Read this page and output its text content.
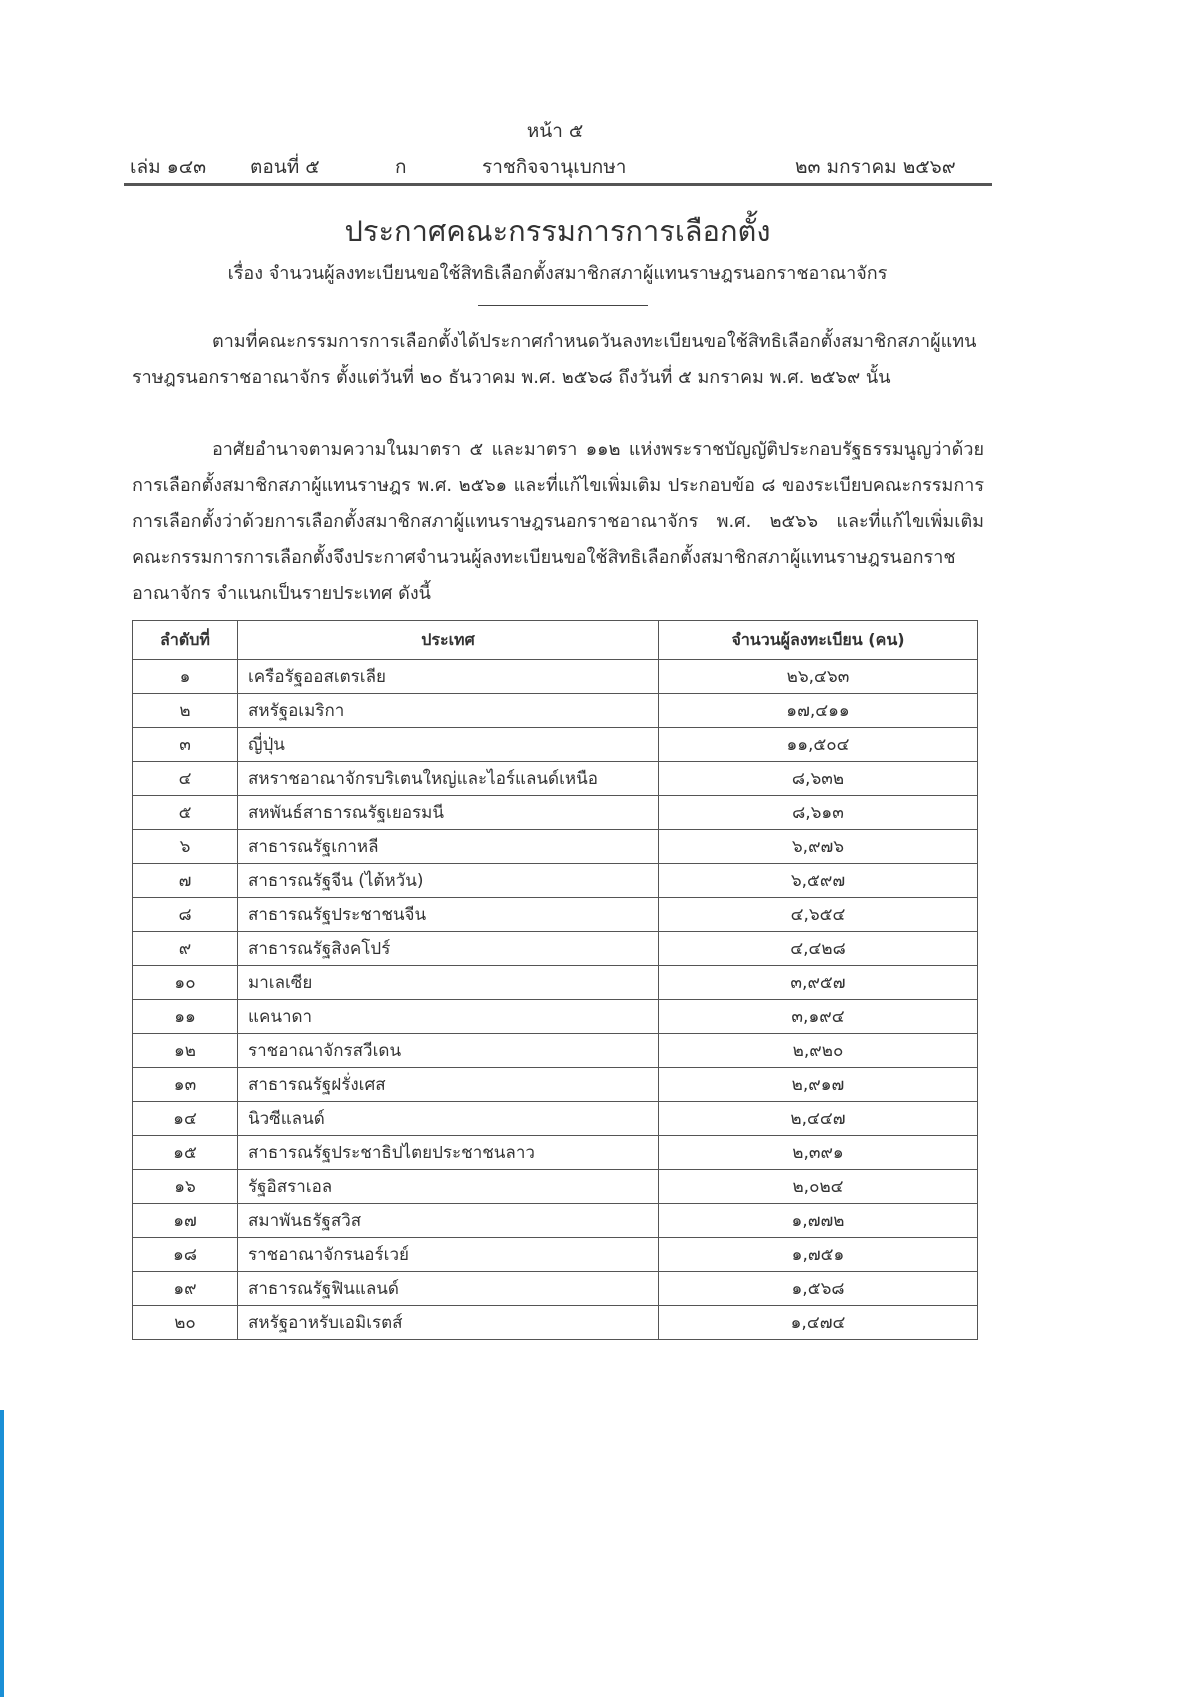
หน้า ๕
เล่ม ๑๔๓ ตอนที่ ๕	ก	ราชกิจจานุเบกษา	๒๓ มกราคม ๒๕๖๙
ประกาศคณะกรรมการการเลือกตั้ง
เรื่อง จำนวนผู้ลงทะเบียนขอใช้สิทธิเลือกตั้งสมาชิกสภาผู้แทนราษฎรนอกราชอาณาจักร
ตามที่คณะกรรมการการเลือกตั้งได้ประกาศกำหนดวันลงทะเบียนขอใช้สิทธิเลือกตั้งสมาชิกสภาผู้แทนราษฎรนอกราชอาณาจักร ตั้งแต่วันที่ ๒๐ ธันวาคม พ.ศ. ๒๕๖๘ ถึงวันที่ ๕ มกราคม พ.ศ. ๒๕๖๙ นั้น
อาศัยอำนาจตามความในมาตรา ๕ และมาตรา ๑๑๒ แห่งพระราชบัญญัติประกอบรัฐธรรมนูญว่าด้วยการเลือกตั้งสมาชิกสภาผู้แทนราษฎร พ.ศ. ๒๕๖๑ และที่แก้ไขเพิ่มเติม ประกอบข้อ ๘ ของระเบียบคณะกรรมการการเลือกตั้งว่าด้วยการเลือกตั้งสมาชิกสภาผู้แทนราษฎรนอกราชอาณาจักร พ.ศ. ๒๕๖๖ และที่แก้ไขเพิ่มเติม คณะกรรมการการเลือกตั้งจึงประกาศจำนวนผู้ลงทะเบียนขอใช้สิทธิเลือกตั้งสมาชิกสภาผู้แทนราษฎรนอกราชอาณาจักร จำแนกเป็นรายประเทศ ดังนี้
ลำดับที่	ประเทศ	จำนวนผู้ลงทะเบียน (คน)
๑	เครือรัฐออสเตรเลีย	๒๖,๔๖๓
๒	สหรัฐอเมริกา	๑๗,๔๑๑
๓	ญี่ปุ่น	๑๑,๕๐๔
๔	สหราชอาณาจักรบริเตนใหญ่และไอร์แลนด์เหนือ	๘,๖๓๒
๕	สหพันธ์สาธารณรัฐเยอรมนี	๘,๖๑๓
๖	สาธารณรัฐเกาหลี	๖,๙๗๖
๗	สาธารณรัฐจีน (ไต้หวัน)	๖,๕๙๗
๘	สาธารณรัฐประชาชนจีน	๔,๖๕๔
๙	สาธารณรัฐสิงคโปร์	๔,๔๒๘
๑๐	มาเลเซีย	๓,๙๕๗
๑๑	แคนาดา	๓,๑๙๔
๑๒	ราชอาณาจักรสวีเดน	๒,๙๒๐
๑๓	สาธารณรัฐฝรั่งเศส	๒,๙๑๗
๑๔	นิวซีแลนด์	๒,๔๔๗
๑๕	สาธารณรัฐประชาธิปไตยประชาชนลาว	๒,๓๙๑
๑๖	รัฐอิสราเอล	๒,๐๒๔
๑๗	สมาพันธรัฐสวิส	๑,๗๗๒
๑๘	ราชอาณาจักรนอร์เวย์	๑,๗๕๑
๑๙	สาธารณรัฐฟินแลนด์	๑,๕๖๘
๒๐	สหรัฐอาหรับเอมิเรตส์	๑,๔๗๔
